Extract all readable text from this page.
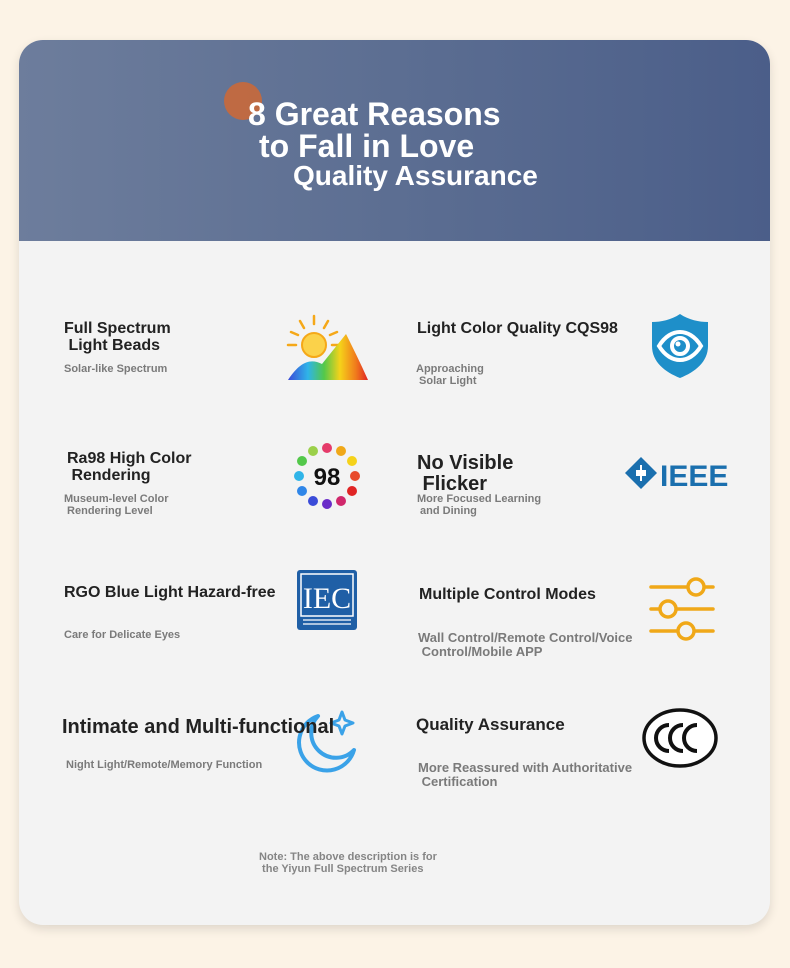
8 Great Reasons
to Fall in Love
Quality Assurance
Full Spectrum
Light Beads
Solar-like Spectrum
Light Color Quality CQS98
Approaching
Solar Light
Ra98 High Color
Rendering
Museum-level Color
Rendering Level
98
No Visible
Flicker
More Focused Learning
and Dining
IEEE
RGO Blue Light Hazard-free
Care for Delicate Eyes
IEC	Multiple Control Modes
Wall Control/Remote Control/Voice
Control/Mobile APP
Intimate and Multi-functional
Night Light/Remote/Memory Function
Quality Assurance
More Reassured with Authoritative
Certification
Note: The above description is for
the Yiyun Full Spectrum Series
